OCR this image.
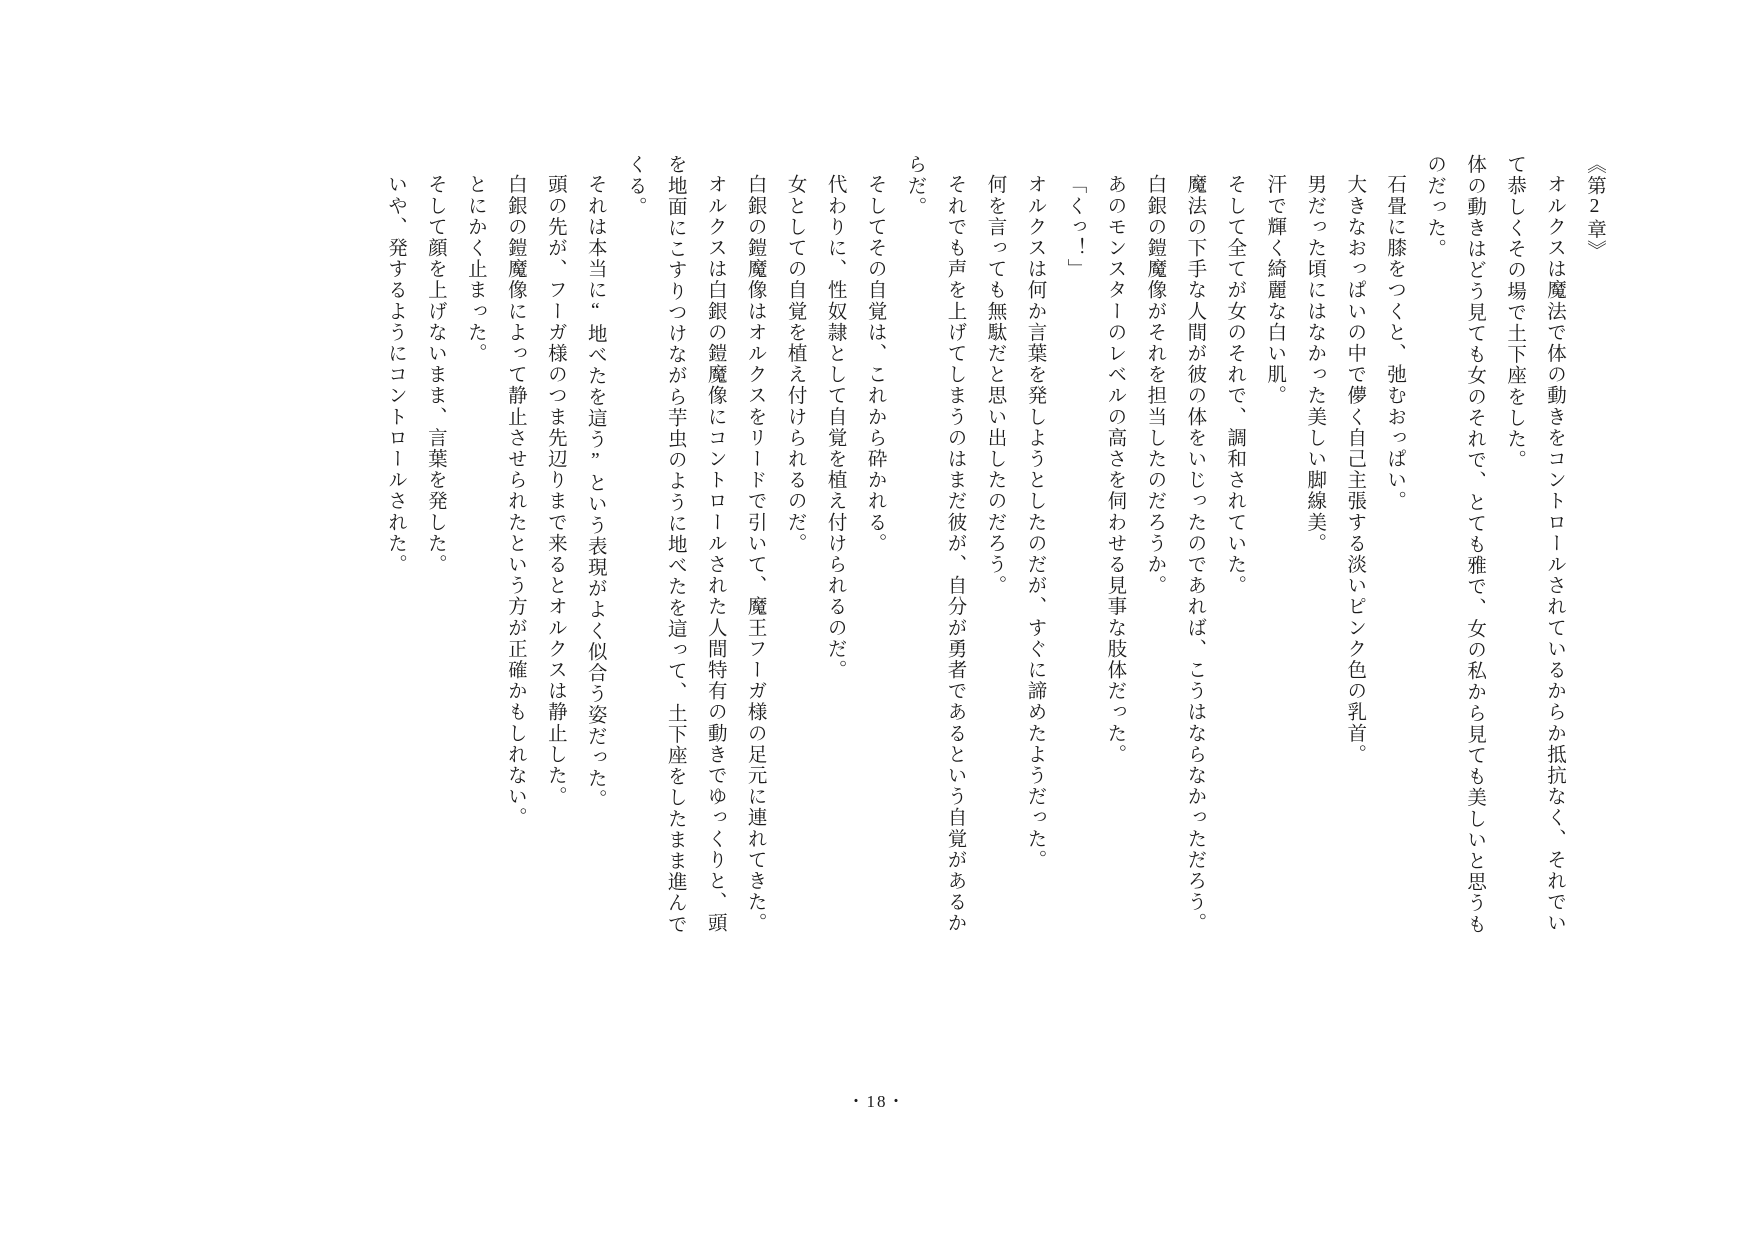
《第2章》

オルクスは魔法で体の動きをコントロールされているからか抵抗なく、それでいて恭しくその場で土下座をした。

体の動きはどう見ても女のそれで、とても雅で、女の私から見ても美しいと思うものだった。

石畳に膝をつくと、弛むおっぱい。

大きなおっぱいの中で儚く自己主張する淡いピンク色の乳首。

男だった頃にはなかった美しい脚線美。

汗で輝く綺麗な白い肌。

そして全てが女のそれで、調和されていた。

魔法の下手な人間が彼の体をいじったのであれば、こうはならなかっただろう。

白銀の鎧魔像がそれを担当したのだろうか。

あのモンスターのレベルの高さを伺わせる見事な肢体だった。

「くっ！」

オルクスは何か言葉を発しようとしたのだが、すぐに諦めたようだった。

何を言っても無駄だと思い出したのだろう。

それでも声を上げてしまうのはまだ彼が、自分が勇者であるという自覚があるからだ。

そしてその自覚は、これから砕かれる。

代わりに、性奴隷として自覚を植え付けられるのだ。

女としての自覚を植え付けられるのだ。

白銀の鎧魔像はオルクスをリードで引いて、魔王フーガ様の足元に連れてきた。

オルクスは白銀の鎧魔像にコントロールされた人間特有の動きでゆっくりと、頭を地面にこすりつけながら芋虫のように地べたを這って、土下座をしたまま進んでくる。

それは本当に“地べたを這う”という表現がよく似合う姿だった。

頭の先が、フーガ様のつま先辺りまで来るとオルクスは静止した。

白銀の鎧魔像によって静止させられたという方が正確かもしれない。

とにかく止まった。

そして顔を上げないまま、言葉を発した。

いや、発するようにコントロールされた。

・18・
